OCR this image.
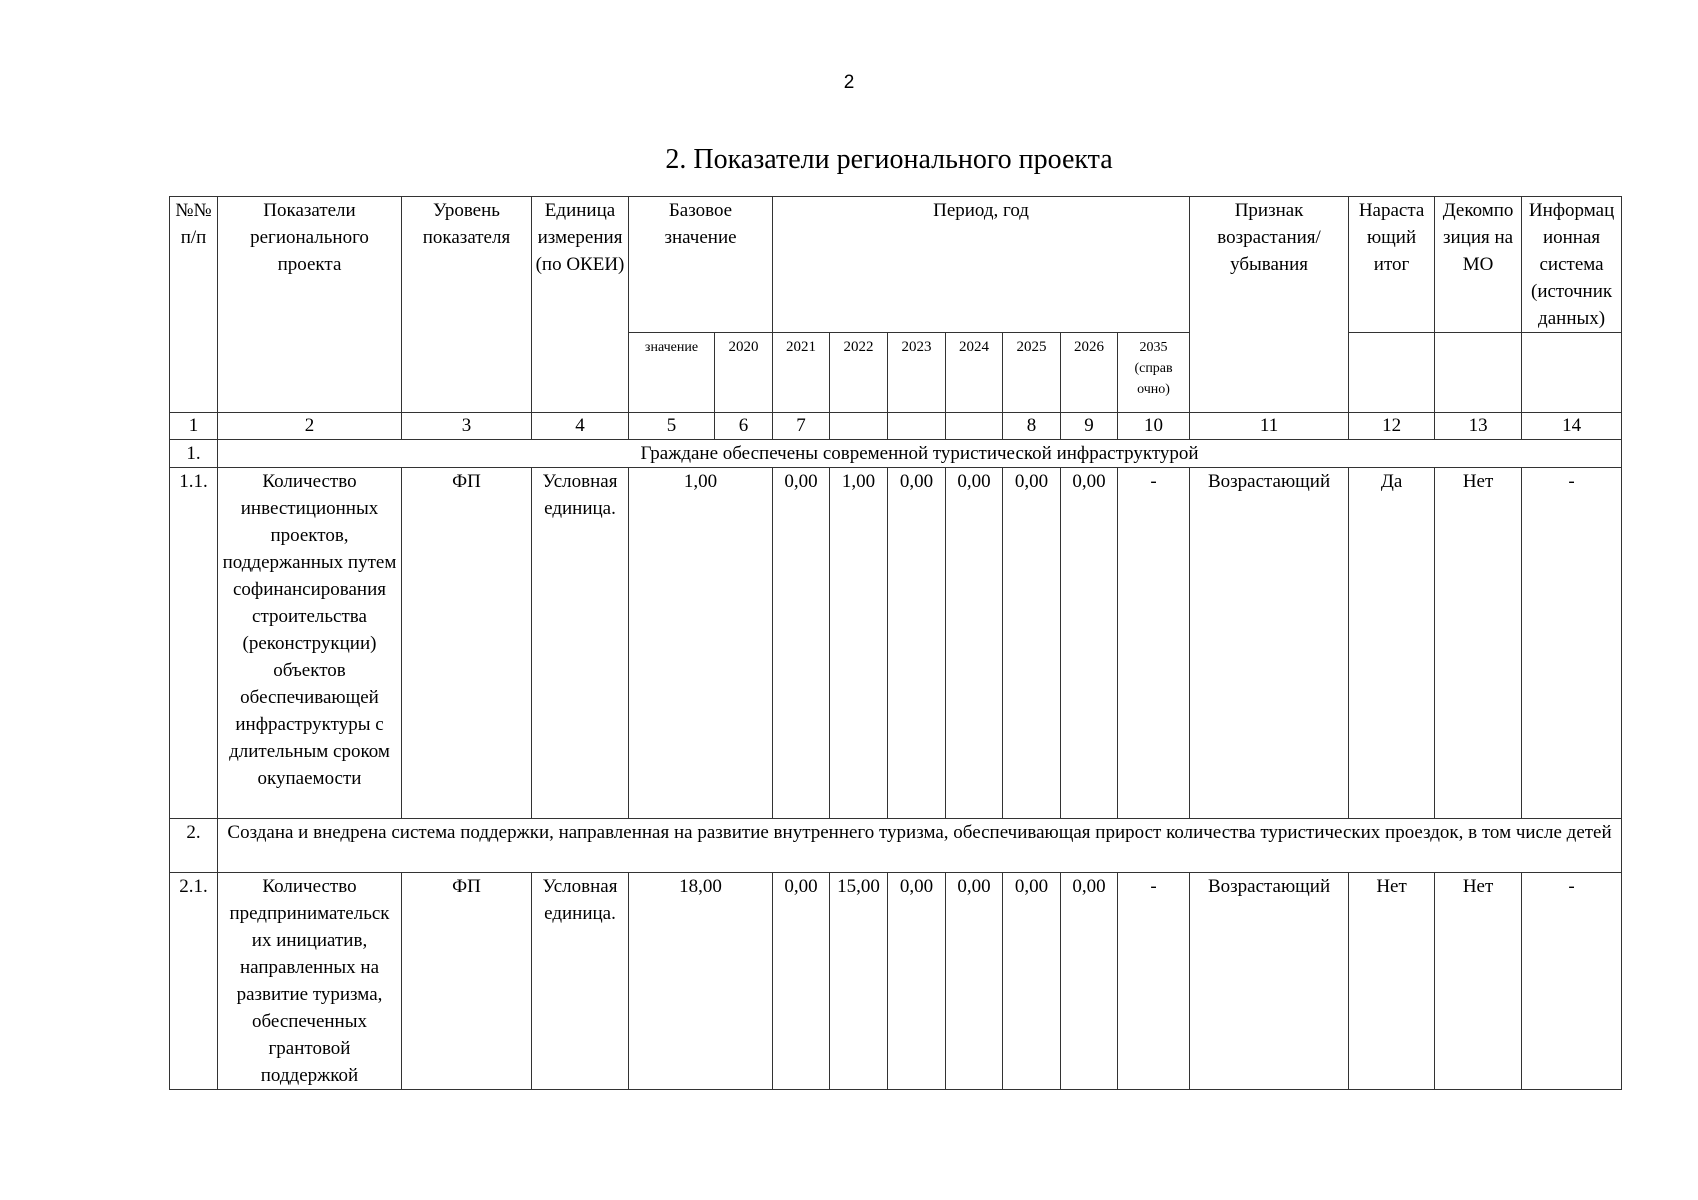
2
2. Показатели регионального проекта
№№ п/п	Показатели регионального проекта	Уровень показателя	Единица измерения (по ОКЕИ)	Базовое значение		Период, год							Признак возрастания/ убывания	Нараста ющий итог	Декомпо зиция на МО	Информац ионная система (источник данных)
				значение	2020	2021	2022	2023	2024	2025	2026	2035 (справ очно)				
1	2	3	4	5	6	7				8	9	10	11	12	13	14
1.	Граждане обеспечены современной туристической инфраструктурой															
1.1.	Количество инвестиционных проектов, поддержанных путем софинансирования строительства (реконструкции) объектов обеспечивающей инфраструктуры с длительным сроком окупаемости	ФП	Условная единица.	1,00		0,00	1,00	0,00	0,00	0,00	0,00	-	Возрастающий	Да	Нет	-
2.	Создана и внедрена система поддержки, направленная на развитие внутреннего туризма, обеспечивающая прирост количества туристических проездок, в том числе детей															
2.1.	Количество предпринимательск их инициатив, направленных на развитие туризма, обеспеченных грантовой поддержкой	ФП	Условная единица.	18,00		0,00	15,00	0,00	0,00	0,00	0,00	-	Возрастающий	Нет	Нет	-
